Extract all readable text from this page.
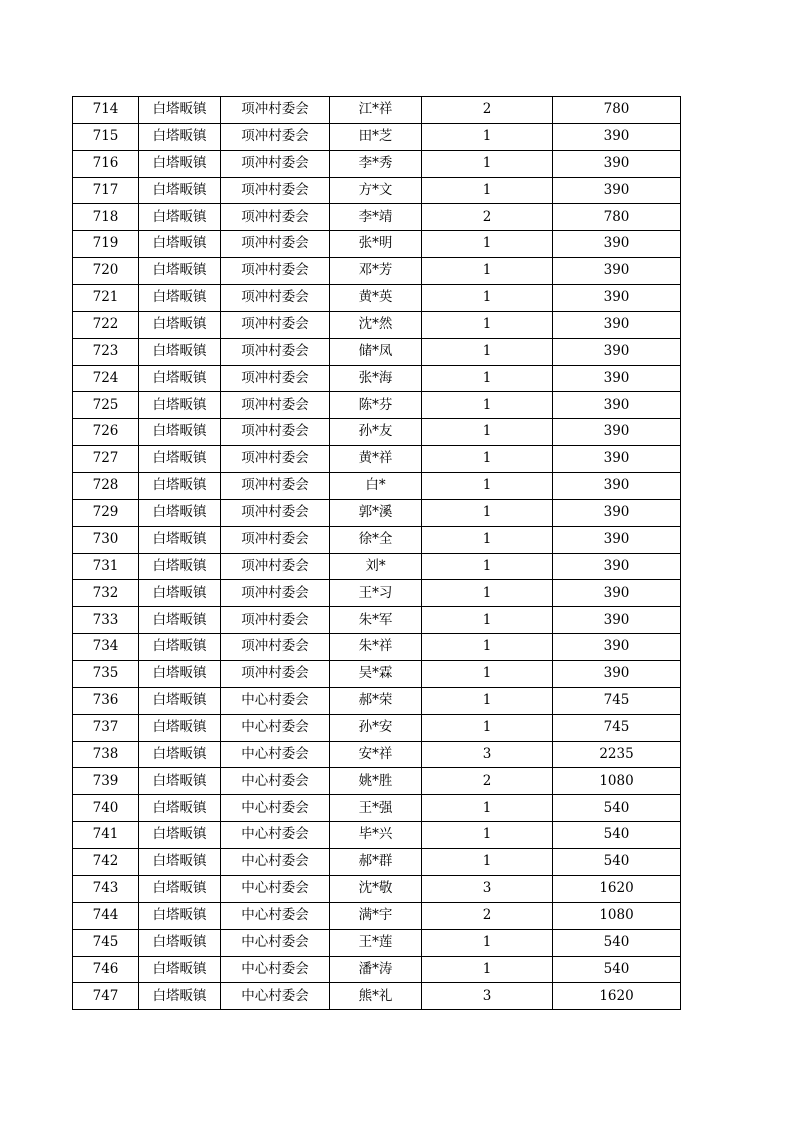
714	白塔畈镇	项冲村委会	江*祥	2	780
715	白塔畈镇	项冲村委会	田*芝	1	390
716	白塔畈镇	项冲村委会	李*秀	1	390
717	白塔畈镇	项冲村委会	方*文	1	390
718	白塔畈镇	项冲村委会	李*靖	2	780
719	白塔畈镇	项冲村委会	张*明	1	390
720	白塔畈镇	项冲村委会	邓*芳	1	390
721	白塔畈镇	项冲村委会	黄*英	1	390
722	白塔畈镇	项冲村委会	沈*然	1	390
723	白塔畈镇	项冲村委会	储*凤	1	390
724	白塔畈镇	项冲村委会	张*海	1	390
725	白塔畈镇	项冲村委会	陈*芬	1	390
726	白塔畈镇	项冲村委会	孙*友	1	390
727	白塔畈镇	项冲村委会	黄*祥	1	390
728	白塔畈镇	项冲村委会	白*	1	390
729	白塔畈镇	项冲村委会	郭*溪	1	390
730	白塔畈镇	项冲村委会	徐*全	1	390
731	白塔畈镇	项冲村委会	刘*	1	390
732	白塔畈镇	项冲村委会	王*习	1	390
733	白塔畈镇	项冲村委会	朱*军	1	390
734	白塔畈镇	项冲村委会	朱*祥	1	390
735	白塔畈镇	项冲村委会	吴*霖	1	390
736	白塔畈镇	中心村委会	郝*荣	1	745
737	白塔畈镇	中心村委会	孙*安	1	745
738	白塔畈镇	中心村委会	安*祥	3	2235
739	白塔畈镇	中心村委会	姚*胜	2	1080
740	白塔畈镇	中心村委会	王*强	1	540
741	白塔畈镇	中心村委会	毕*兴	1	540
742	白塔畈镇	中心村委会	郝*群	1	540
743	白塔畈镇	中心村委会	沈*敬	3	1620
744	白塔畈镇	中心村委会	满*宇	2	1080
745	白塔畈镇	中心村委会	王*莲	1	540
746	白塔畈镇	中心村委会	潘*涛	1	540
747	白塔畈镇	中心村委会	熊*礼	3	1620
